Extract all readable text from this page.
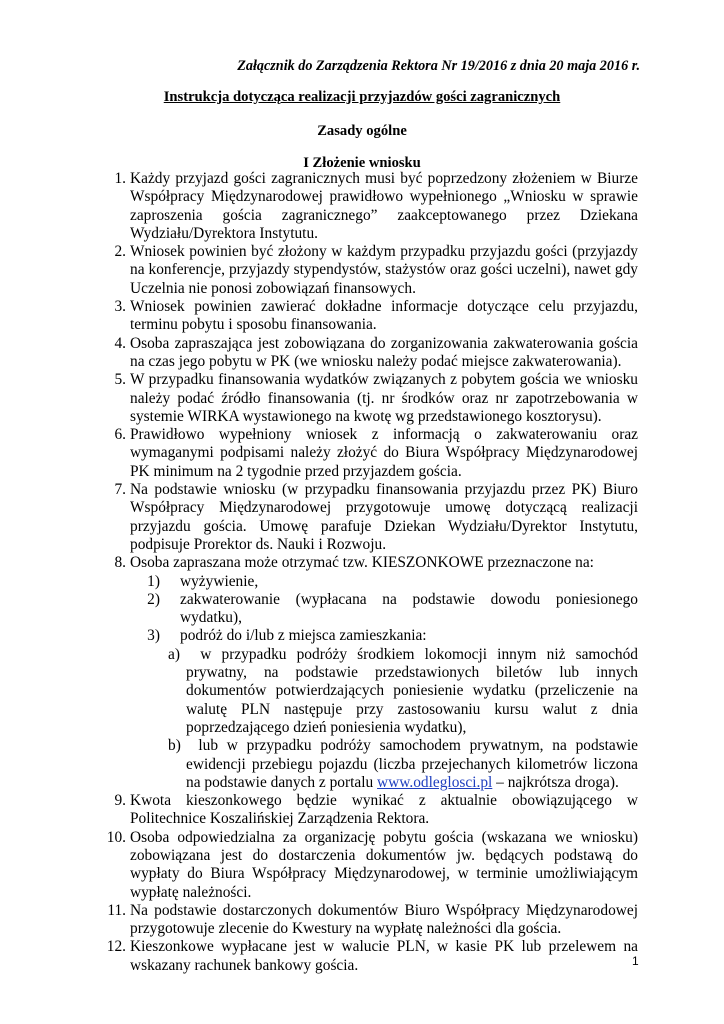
Załącznik do Zarządzenia Rektora Nr 19/2016 z dnia 20 maja 2016 r.
Instrukcja dotycząca realizacji przyjazdów gości zagranicznych
Zasady ogólne
I Złożenie wniosku
1. Każdy przyjazd gości zagranicznych musi być poprzedzony złożeniem w Biurze Współpracy Międzynarodowej prawidłowo wypełnionego „Wniosku w sprawie zaproszenia gościa zagranicznego” zaakceptowanego przez Dziekana Wydziału/Dyrektora Instytutu.
2. Wniosek powinien być złożony w każdym przypadku przyjazdu gości (przyjazdy na konferencje, przyjazdy stypendystów, stażystów oraz gości uczelni), nawet gdy Uczelnia nie ponosi zobowiązań finansowych.
3. Wniosek powinien zawierać dokładne informacje dotyczące celu przyjazdu, terminu pobytu i sposobu finansowania.
4. Osoba zapraszająca jest zobowiązana do zorganizowania zakwaterowania gościa na czas jego pobytu w PK (we wniosku należy podać miejsce zakwaterowania).
5. W przypadku finansowania wydatków związanych z pobytem gościa we wniosku należy podać źródło finansowania (tj. nr środków oraz nr zapotrzebowania w systemie WIRKA wystawionego na kwotę wg przedstawionego kosztorysu).
6. Prawidłowo wypełniony wniosek z informacją o zakwaterowaniu oraz wymaganymi podpisami należy złożyć do Biura Współpracy Międzynarodowej PK minimum na 2 tygodnie przed przyjazdem gościa.
7. Na podstawie wniosku (w przypadku finansowania przyjazdu przez PK) Biuro Współpracy Międzynarodowej przygotowuje umowę dotyczącą realizacji przyjazdu gościa. Umowę parafuje Dziekan Wydziału/Dyrektor Instytutu, podpisuje Prorektor ds. Nauki i Rozwoju.
8. Osoba zapraszana może otrzymać tzw. KIESZONKOWE przeznaczone na:
1) wyżywienie,
2) zakwaterowanie (wypłacana na podstawie dowodu poniesionego wydatku),
3) podróż do i/lub z miejsca zamieszkania:
a)  w przypadku podróży środkiem lokomocji innym niż samochód prywatny, na podstawie przedstawionych biletów lub innych dokumentów potwierdzających poniesienie wydatku (przeliczenie na walutę PLN następuje przy zastosowaniu kursu walut z dnia poprzedzającego dzień poniesienia wydatku),
b)  lub w przypadku podróży samochodem prywatnym, na podstawie ewidencji przebiegu pojazdu (liczba przejechanych kilometrów liczona na podstawie danych z portalu www.odleglosci.pl – najkrótsza droga).
9. Kwota kieszonkowego będzie wynikać z aktualnie obowiązującego w Politechnice Koszalińskiej Zarządzenia Rektora.
10. Osoba odpowiedzialna za organizację pobytu gościa (wskazana we wniosku) zobowiązana jest do dostarczenia dokumentów jw. będących podstawą do wypłaty do Biura Współpracy Międzynarodowej, w terminie umożliwiającym wypłatę należności.
11. Na podstawie dostarczonych dokumentów Biuro Współpracy Międzynarodowej przygotowuje zlecenie do Kwestury na wypłatę należności dla gościa.
12. Kieszonkowe wypłacane jest w walucie PLN, w kasie PK lub przelewem na wskazany rachunek bankowy gościa.	1
